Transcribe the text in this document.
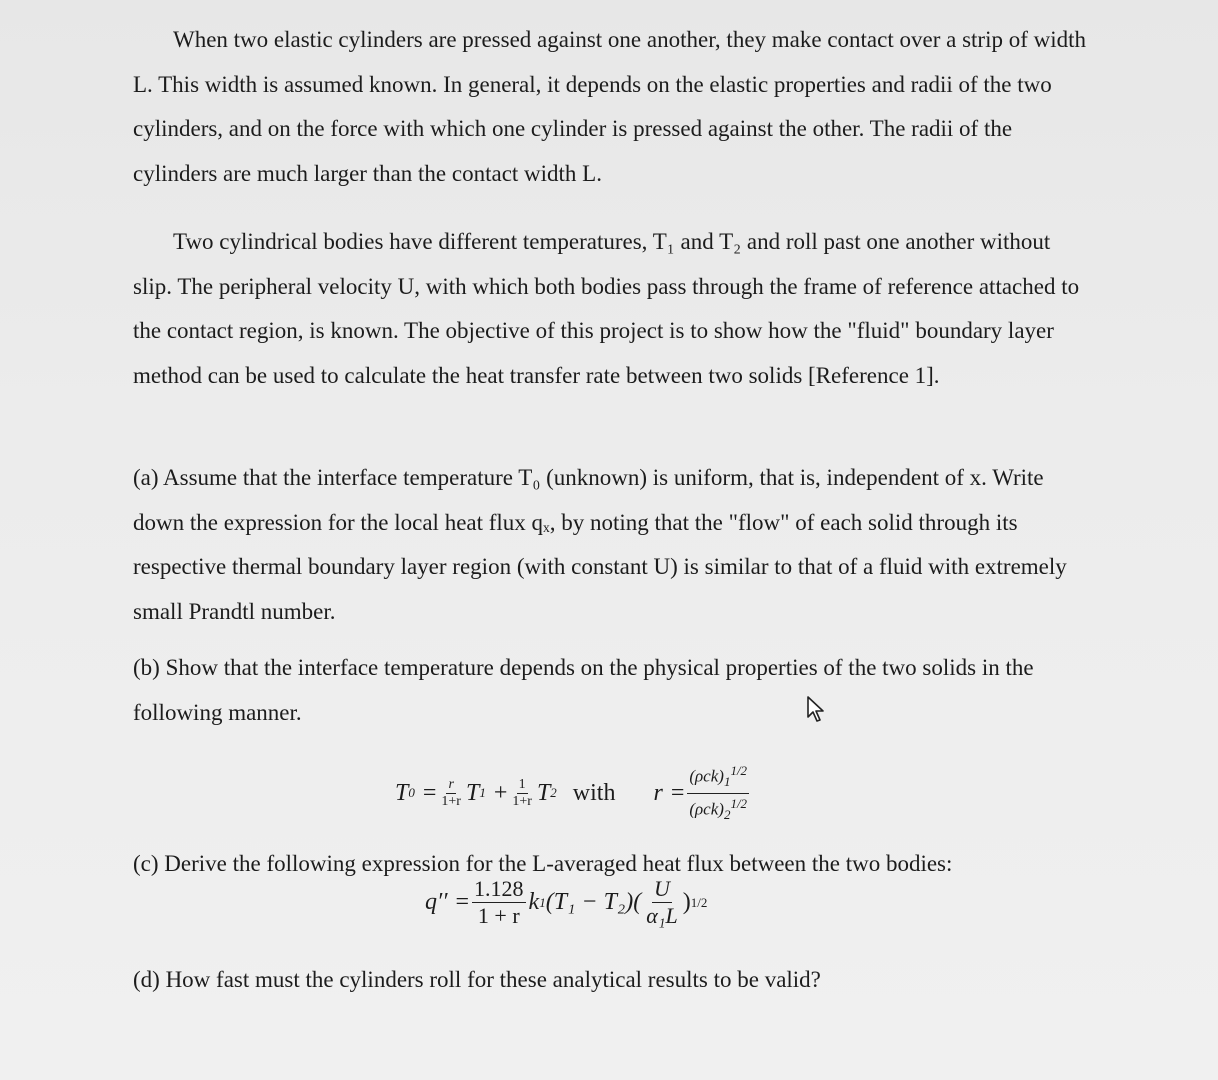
When two elastic cylinders are pressed against one another, they make contact over a strip of width L. This width is assumed known. In general, it depends on the elastic properties and radii of the two cylinders, and on the force with which one cylinder is pressed against the other. The radii of the cylinders are much larger than the contact width L.

Two cylindrical bodies have different temperatures, T₁ and T₂ and roll past one another without slip. The peripheral velocity U, with which both bodies pass through the frame of reference attached to the contact region, is known. The objective of this project is to show how the "fluid" boundary layer method can be used to calculate the heat transfer rate between two solids [Reference 1].

(a) Assume that the interface temperature T₀ (unknown) is uniform, that is, independent of x. Write down the expression for the local heat flux qₓ, by noting that the "flow" of each solid through its respective thermal boundary layer region (with constant U) is similar to that of a fluid with extremely small Prandtl number.

(b) Show that the interface temperature depends on the physical properties of the two solids in the following manner.

T $0 = \frac{r}{1+r}$ T $1 + \frac{1}{1+r}$ T 2 with $r = \frac{(\rho ck)_1^{1/2}}{(\rho ck)_2^{1/2}}$

(c) Derive the following expression for the L-averaged heat flux between the two bodies:

$q'' = \frac{1.128}{1 + r}$ k 1 $(T_1 - T_2)( \frac{U}{\text{α₁L}}$ ) 1/2

(d) How fast must the cylinders roll for these analytical results to be valid?
